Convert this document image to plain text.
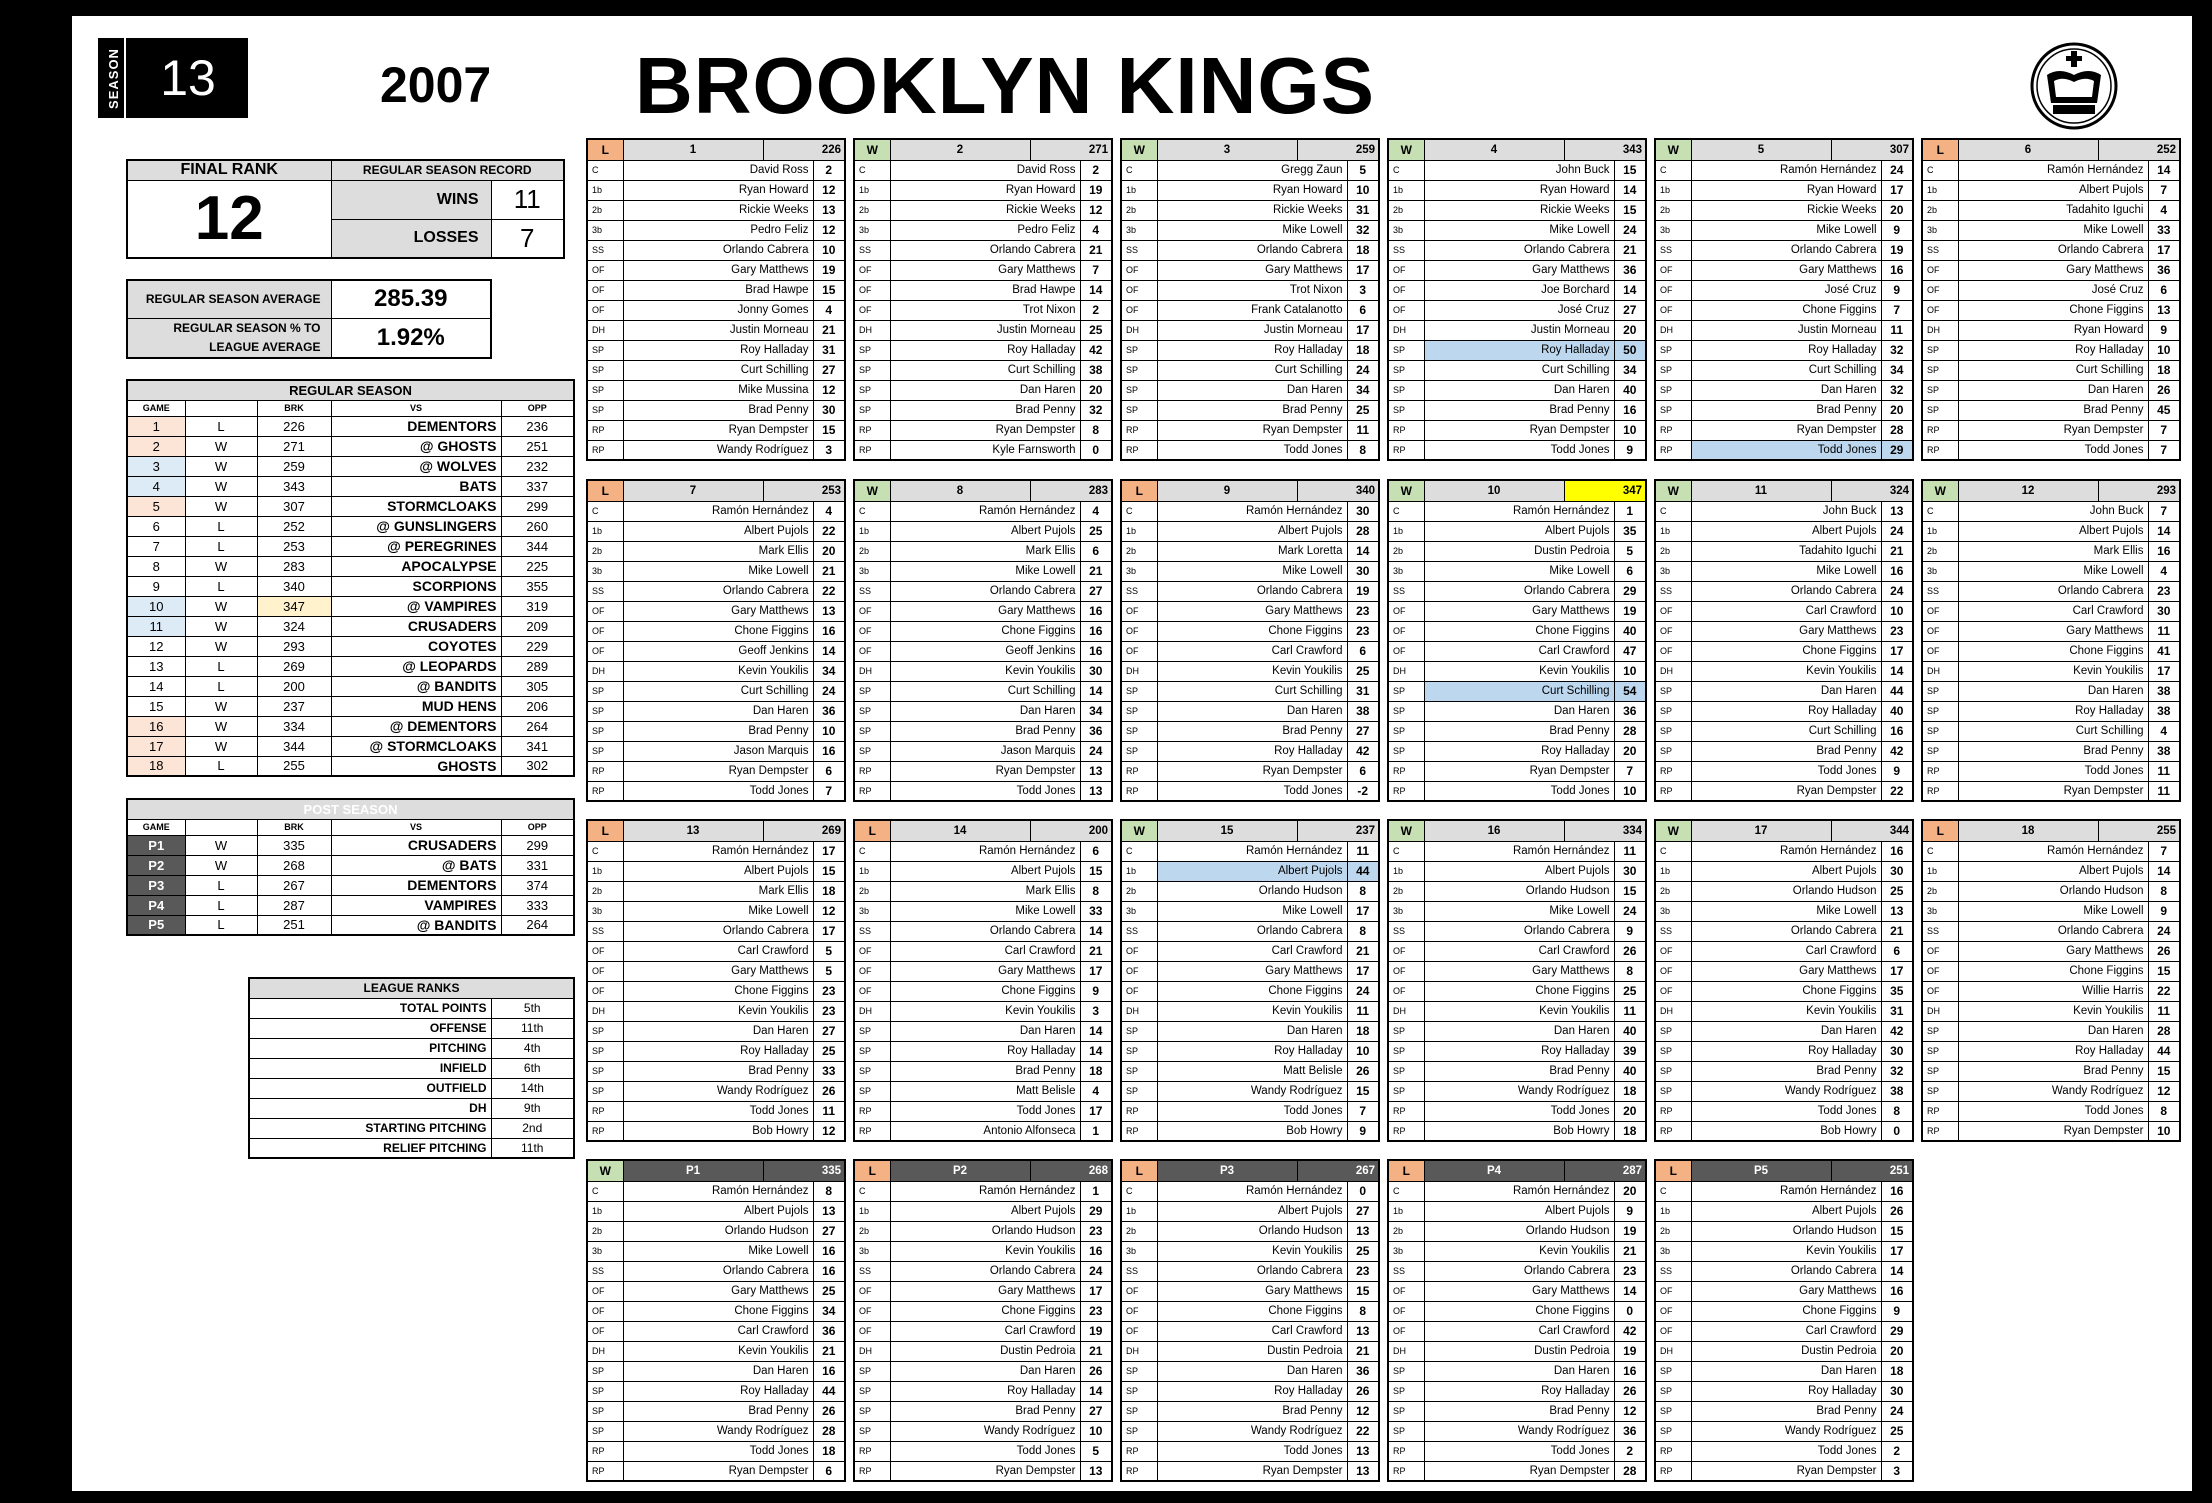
SEASON 13	2007 BROOKLYN KINGS
FINAL RANK	REGULAR SEASON RECORD	
12	WINS	11
	LOSSES	7
REGULAR SEASON AVERAGE	285.39
REGULAR SEASON % TO LEAGUE AVERAGE	1.92%
REGULAR SEASON				
GAME		BRK	VS	OPP
1	L	226	DEMENTORS	236
2	W	271	@ GHOSTS	251
3	W	259	@ WOLVES	232
4	W	343	BATS	337
5	W	307	STORMCLOAKS	299
6	L	252	@ GUNSLINGERS	260
7	L	253	@ PEREGRINES	344
8	W	283	APOCALYPSE	225
9	L	340	SCORPIONS	355
10	W	347	@ VAMPIRES	319
11	W	324	CRUSADERS	209
12	W	293	COYOTES	229
13	L	269	@ LEOPARDS	289
14	L	200	@ BANDITS	305
15	W	237	MUD HENS	206
16	W	334	@ DEMENTORS	264
17	W	344	@ STORMCLOAKS	341
18	L	255	GHOSTS	302
POST SEASON				
GAME		BRK	VS	OPP
P1	W	335	CRUSADERS	299
P2	W	268	@ BATS	331
P3	L	267	DEMENTORS	374
P4	L	287	VAMPIRES	333
P5	L	251	@ BANDITS	264
LEAGUE RANKS	
TOTAL POINTS	5th
OFFENSE	11th
PITCHING	4th
INFIELD	6th
OUTFIELD	14th
DH	9th
STARTING PITCHING	2nd
RELIEF PITCHING	11th
L	1	226	
C	David Ross		2
1b	Ryan Howard		12
2b	Rickie Weeks		13
3b	Pedro Feliz		12
SS	Orlando Cabrera		10
OF	Gary Matthews		19
OF	Brad Hawpe		15
OF	Jonny Gomes		4
DH	Justin Morneau		21
SP	Roy Halladay		31
SP	Curt Schilling		27
SP	Mike Mussina		12
SP	Brad Penny		30
RP	Ryan Dempster		15
RP	Wandy Rodríguez		3
W	2	271	
C	David Ross		2
1b	Ryan Howard		19
2b	Rickie Weeks		12
3b	Pedro Feliz		4
SS	Orlando Cabrera		21
OF	Gary Matthews		7
OF	Brad Hawpe		14
OF	Trot Nixon		2
DH	Justin Morneau		25
SP	Roy Halladay		42
SP	Curt Schilling		38
SP	Dan Haren		20
SP	Brad Penny		32
RP	Ryan Dempster		8
RP	Kyle Farnsworth		0
W	3	259	
C	Gregg Zaun		5
1b	Ryan Howard		10
2b	Rickie Weeks		31
3b	Mike Lowell		32
SS	Orlando Cabrera		18
OF	Gary Matthews		17
OF	Trot Nixon		3
OF	Frank Catalanotto		6
DH	Justin Morneau		17
SP	Roy Halladay		18
SP	Curt Schilling		24
SP	Dan Haren		34
SP	Brad Penny		25
RP	Ryan Dempster		11
RP	Todd Jones		8
W	4	343	
C	John Buck		15
1b	Ryan Howard		14
2b	Rickie Weeks		15
3b	Mike Lowell		24
SS	Orlando Cabrera		21
OF	Gary Matthews		36
OF	Joe Borchard		14
OF	José Cruz		27
DH	Justin Morneau		20
SP	Roy Halladay		50
SP	Curt Schilling		34
SP	Dan Haren		40
SP	Brad Penny		16
RP	Ryan Dempster		10
RP	Todd Jones		9
W	5	307	
C	Ramón Hernández		24
1b	Ryan Howard		17
2b	Rickie Weeks		20
3b	Mike Lowell		9
SS	Orlando Cabrera		19
OF	Gary Matthews		16
OF	José Cruz		9
OF	Chone Figgins		7
DH	Justin Morneau		11
SP	Roy Halladay		32
SP	Curt Schilling		34
SP	Dan Haren		32
SP	Brad Penny		20
RP	Ryan Dempster		28
RP	Todd Jones		29
L	6	252	
C	Ramón Hernández		14
1b	Albert Pujols		7
2b	Tadahito Iguchi		4
3b	Mike Lowell		33
SS	Orlando Cabrera		17
OF	Gary Matthews		36
OF	José Cruz		6
OF	Chone Figgins		13
DH	Ryan Howard		9
SP	Roy Halladay		10
SP	Curt Schilling		18
SP	Dan Haren		26
SP	Brad Penny		45
RP	Ryan Dempster		7
RP	Todd Jones		7
L	7	253	
C	Ramón Hernández		4
1b	Albert Pujols		22
2b	Mark Ellis		20
3b	Mike Lowell		21
SS	Orlando Cabrera		22
OF	Gary Matthews		13
OF	Chone Figgins		16
OF	Geoff Jenkins		14
DH	Kevin Youkilis		34
SP	Curt Schilling		24
SP	Dan Haren		36
SP	Brad Penny		10
SP	Jason Marquis		16
RP	Ryan Dempster		6
RP	Todd Jones		7
W	8	283	
C	Ramón Hernández		4
1b	Albert Pujols		25
2b	Mark Ellis		6
3b	Mike Lowell		21
SS	Orlando Cabrera		27
OF	Gary Matthews		16
OF	Chone Figgins		16
OF	Geoff Jenkins		16
DH	Kevin Youkilis		30
SP	Curt Schilling		14
SP	Dan Haren		34
SP	Brad Penny		36
SP	Jason Marquis		24
RP	Ryan Dempster		13
RP	Todd Jones		13
L	9	340	
C	Ramón Hernández		30
1b	Albert Pujols		28
2b	Mark Loretta		14
3b	Mike Lowell		30
SS	Orlando Cabrera		19
OF	Gary Matthews		23
OF	Chone Figgins		23
OF	Carl Crawford		6
DH	Kevin Youkilis		25
SP	Curt Schilling		31
SP	Dan Haren		38
SP	Brad Penny		27
SP	Roy Halladay		42
RP	Ryan Dempster		6
RP	Todd Jones		-2
W	10	347	
C	Ramón Hernández		1
1b	Albert Pujols		35
2b	Dustin Pedroia		5
3b	Mike Lowell		6
SS	Orlando Cabrera		29
OF	Gary Matthews		19
OF	Chone Figgins		40
OF	Carl Crawford		47
DH	Kevin Youkilis		10
SP	Curt Schilling		54
SP	Dan Haren		36
SP	Brad Penny		28
SP	Roy Halladay		20
RP	Ryan Dempster		7
RP	Todd Jones		10
W	11	324	
C	John Buck		13
1b	Albert Pujols		24
2b	Tadahito Iguchi		21
3b	Mike Lowell		16
SS	Orlando Cabrera		24
OF	Carl Crawford		10
OF	Gary Matthews		23
OF	Chone Figgins		17
DH	Kevin Youkilis		14
SP	Dan Haren		44
SP	Roy Halladay		40
SP	Curt Schilling		16
SP	Brad Penny		42
RP	Todd Jones		9
RP	Ryan Dempster		22
W	12	293	
C	John Buck		7
1b	Albert Pujols		14
2b	Mark Ellis		16
3b	Mike Lowell		4
SS	Orlando Cabrera		23
OF	Carl Crawford		30
OF	Gary Matthews		11
OF	Chone Figgins		41
DH	Kevin Youkilis		17
SP	Dan Haren		38
SP	Roy Halladay		38
SP	Curt Schilling		4
SP	Brad Penny		38
RP	Todd Jones		11
RP	Ryan Dempster		11
L	13	269	
C	Ramón Hernández		17
1b	Albert Pujols		15
2b	Mark Ellis		18
3b	Mike Lowell		12
SS	Orlando Cabrera		17
OF	Carl Crawford		5
OF	Gary Matthews		5
OF	Chone Figgins		23
DH	Kevin Youkilis		23
SP	Dan Haren		27
SP	Roy Halladay		25
SP	Brad Penny		33
SP	Wandy Rodríguez		26
RP	Todd Jones		11
RP	Bob Howry		12
L	14	200	
C	Ramón Hernández		6
1b	Albert Pujols		15
2b	Mark Ellis		8
3b	Mike Lowell		33
SS	Orlando Cabrera		14
OF	Carl Crawford		21
OF	Gary Matthews		17
OF	Chone Figgins		9
DH	Kevin Youkilis		3
SP	Dan Haren		14
SP	Roy Halladay		14
SP	Brad Penny		18
SP	Matt Belisle		4
RP	Todd Jones		17
RP	Antonio Alfonseca		1
W	15	237	
C	Ramón Hernández		11
1b	Albert Pujols		44
2b	Orlando Hudson		8
3b	Mike Lowell		17
SS	Orlando Cabrera		8
OF	Carl Crawford		21
OF	Gary Matthews		17
OF	Chone Figgins		24
DH	Kevin Youkilis		11
SP	Dan Haren		18
SP	Roy Halladay		10
SP	Matt Belisle		26
SP	Wandy Rodríguez		15
RP	Todd Jones		7
RP	Bob Howry		9
W	16	334	
C	Ramón Hernández		11
1b	Albert Pujols		30
2b	Orlando Hudson		15
3b	Mike Lowell		24
SS	Orlando Cabrera		9
OF	Carl Crawford		26
OF	Gary Matthews		8
OF	Chone Figgins		25
DH	Kevin Youkilis		11
SP	Dan Haren		40
SP	Roy Halladay		39
SP	Brad Penny		40
SP	Wandy Rodríguez		18
RP	Todd Jones		20
RP	Bob Howry		18
W	17	344	
C	Ramón Hernández		16
1b	Albert Pujols		30
2b	Orlando Hudson		25
3b	Mike Lowell		13
SS	Orlando Cabrera		21
OF	Carl Crawford		6
OF	Gary Matthews		17
OF	Chone Figgins		35
DH	Kevin Youkilis		31
SP	Dan Haren		42
SP	Roy Halladay		30
SP	Brad Penny		32
SP	Wandy Rodríguez		38
RP	Todd Jones		8
RP	Bob Howry		0
L	18	255	
C	Ramón Hernández		7
1b	Albert Pujols		14
2b	Orlando Hudson		8
3b	Mike Lowell		9
SS	Orlando Cabrera		24
OF	Gary Matthews		26
OF	Chone Figgins		15
OF	Willie Harris		22
DH	Kevin Youkilis		11
SP	Dan Haren		28
SP	Roy Halladay		44
SP	Brad Penny		15
SP	Wandy Rodríguez		12
RP	Todd Jones		8
RP	Ryan Dempster		10
W	P1	335	
C	Ramón Hernández		8
1b	Albert Pujols		13
2b	Orlando Hudson		27
3b	Mike Lowell		16
SS	Orlando Cabrera		16
OF	Gary Matthews		25
OF	Chone Figgins		34
OF	Carl Crawford		36
DH	Kevin Youkilis		21
SP	Dan Haren		16
SP	Roy Halladay		44
SP	Brad Penny		26
SP	Wandy Rodríguez		28
RP	Todd Jones		18
RP	Ryan Dempster		6
L	P2	268	
C	Ramón Hernández		1
1b	Albert Pujols		29
2b	Orlando Hudson		23
3b	Kevin Youkilis		16
SS	Orlando Cabrera		24
OF	Gary Matthews		17
OF	Chone Figgins		23
OF	Carl Crawford		19
DH	Dustin Pedroia		21
SP	Dan Haren		26
SP	Roy Halladay		14
SP	Brad Penny		27
SP	Wandy Rodríguez		10
RP	Todd Jones		5
RP	Ryan Dempster		13
L	P3	267	
C	Ramón Hernández		0
1b	Albert Pujols		27
2b	Orlando Hudson		13
3b	Kevin Youkilis		25
SS	Orlando Cabrera		23
OF	Gary Matthews		15
OF	Chone Figgins		8
OF	Carl Crawford		13
DH	Dustin Pedroia		21
SP	Dan Haren		36
SP	Roy Halladay		26
SP	Brad Penny		12
SP	Wandy Rodríguez		22
RP	Todd Jones		13
RP	Ryan Dempster		13
L	P4	287	
C	Ramón Hernández		20
1b	Albert Pujols		9
2b	Orlando Hudson		19
3b	Kevin Youkilis		21
SS	Orlando Cabrera		23
OF	Gary Matthews		14
OF	Chone Figgins		0
OF	Carl Crawford		42
DH	Dustin Pedroia		19
SP	Dan Haren		16
SP	Roy Halladay		26
SP	Brad Penny		12
SP	Wandy Rodríguez		36
RP	Todd Jones		2
RP	Ryan Dempster		28
L	P5	251	
C	Ramón Hernández		16
1b	Albert Pujols		26
2b	Orlando Hudson		15
3b	Kevin Youkilis		17
SS	Orlando Cabrera		14
OF	Gary Matthews		16
OF	Chone Figgins		9
OF	Carl Crawford		29
DH	Dustin Pedroia		20
SP	Dan Haren		18
SP	Roy Halladay		30
SP	Brad Penny		24
SP	Wandy Rodríguez		25
RP	Todd Jones		2
RP	Ryan Dempster		3
